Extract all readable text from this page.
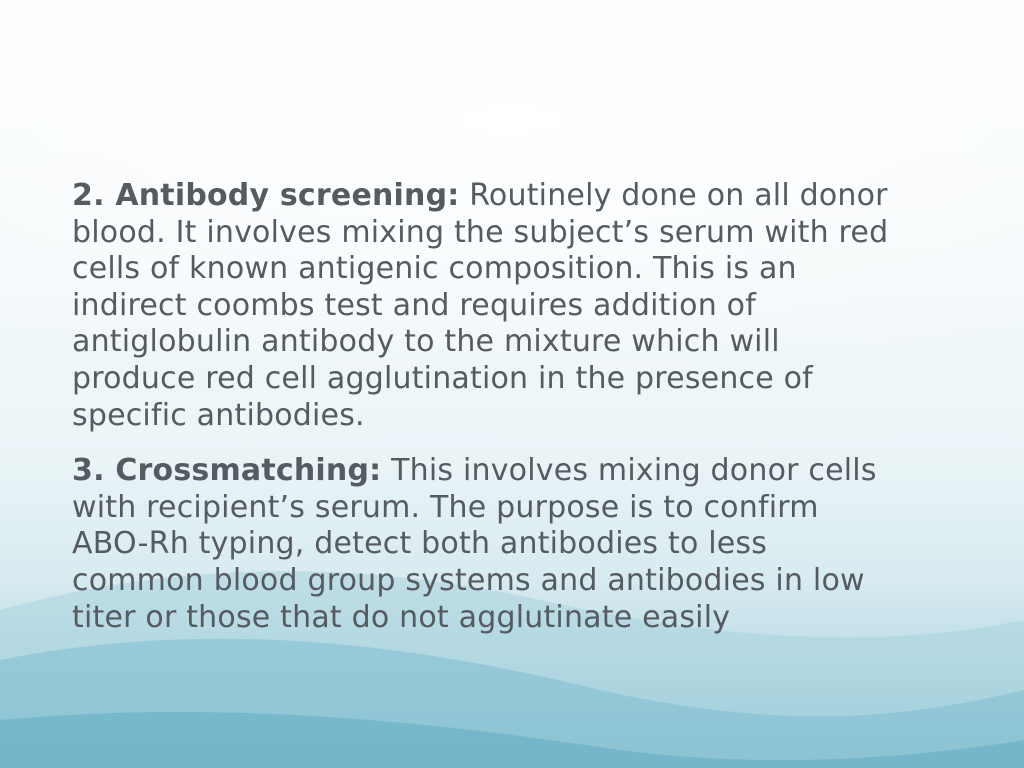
2. Antibody screening: Routinely done on all donor
blood. It involves mixing the subject’s serum with red
cells of known antigenic composition. This is an
indirect coombs test and requires addition of
antiglobulin antibody to the mixture which will
produce red cell agglutination in the presence of
specific antibodies.

3. Crossmatching: This involves mixing donor cells
with recipient’s serum. The purpose is to confirm
ABO-Rh typing, detect both antibodies to less
common blood group systems and antibodies in low
titer or those that do not agglutinate easily
